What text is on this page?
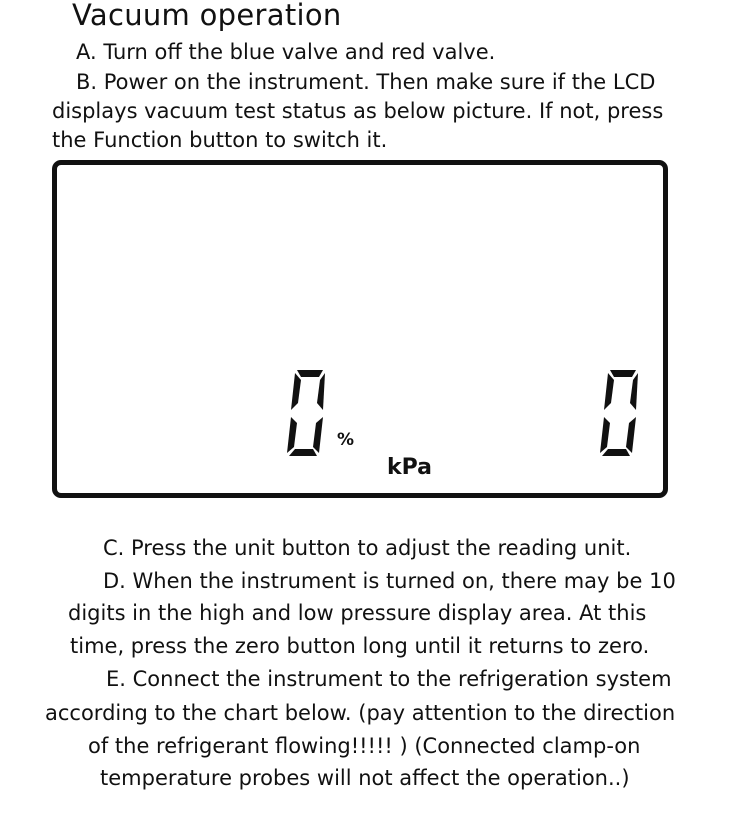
Vacuum operation
A. Turn off the blue valve and red valve.
B. Power on the instrument. Then make sure if the LCD
displays vacuum test status as below picture. If not, press
the Function button to switch it.
%
kPa
C. Press the unit button to adjust the reading unit.
D. When the instrument is turned on, there may be 10
digits in the high and low pressure display area. At this
time, press the zero button long until it returns to zero.
E. Connect the instrument to the refrigeration system
according to the chart below. (pay attention to the direction
of the refrigerant flowing!!!!! ) (Connected clamp-on
temperature probes will not affect the operation..)
